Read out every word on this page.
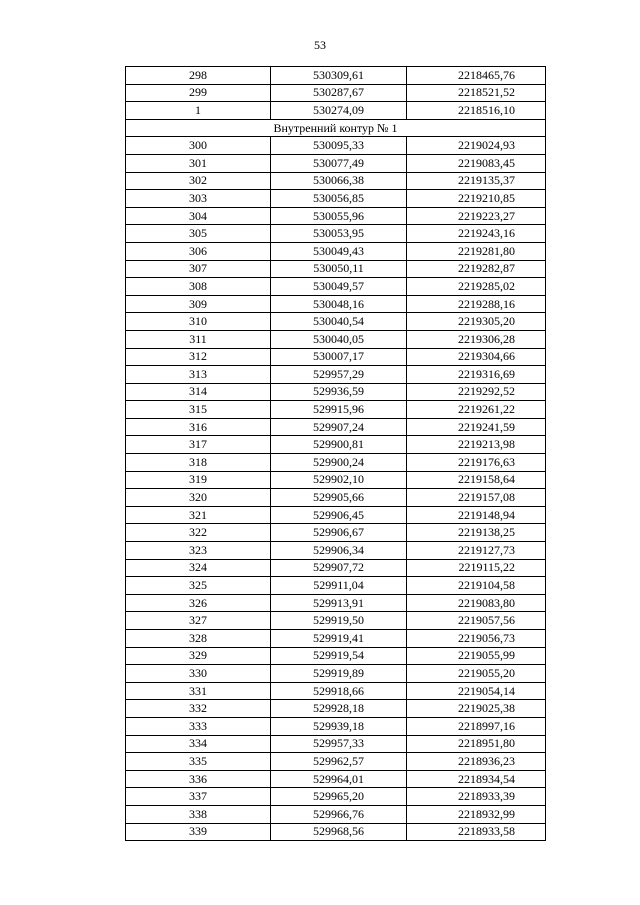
53
298	530309,61	2218465,76
299	530287,67	2218521,52
1	530274,09	2218516,10
Внутренний контур № 1		
300	530095,33	2219024,93
301	530077,49	2219083,45
302	530066,38	2219135,37
303	530056,85	2219210,85
304	530055,96	2219223,27
305	530053,95	2219243,16
306	530049,43	2219281,80
307	530050,11	2219282,87
308	530049,57	2219285,02
309	530048,16	2219288,16
310	530040,54	2219305,20
311	530040,05	2219306,28
312	530007,17	2219304,66
313	529957,29	2219316,69
314	529936,59	2219292,52
315	529915,96	2219261,22
316	529907,24	2219241,59
317	529900,81	2219213,98
318	529900,24	2219176,63
319	529902,10	2219158,64
320	529905,66	2219157,08
321	529906,45	2219148,94
322	529906,67	2219138,25
323	529906,34	2219127,73
324	529907,72	2219115,22
325	529911,04	2219104,58
326	529913,91	2219083,80
327	529919,50	2219057,56
328	529919,41	2219056,73
329	529919,54	2219055,99
330	529919,89	2219055,20
331	529918,66	2219054,14
332	529928,18	2219025,38
333	529939,18	2218997,16
334	529957,33	2218951,80
335	529962,57	2218936,23
336	529964,01	2218934,54
337	529965,20	2218933,39
338	529966,76	2218932,99
339	529968,56	2218933,58
